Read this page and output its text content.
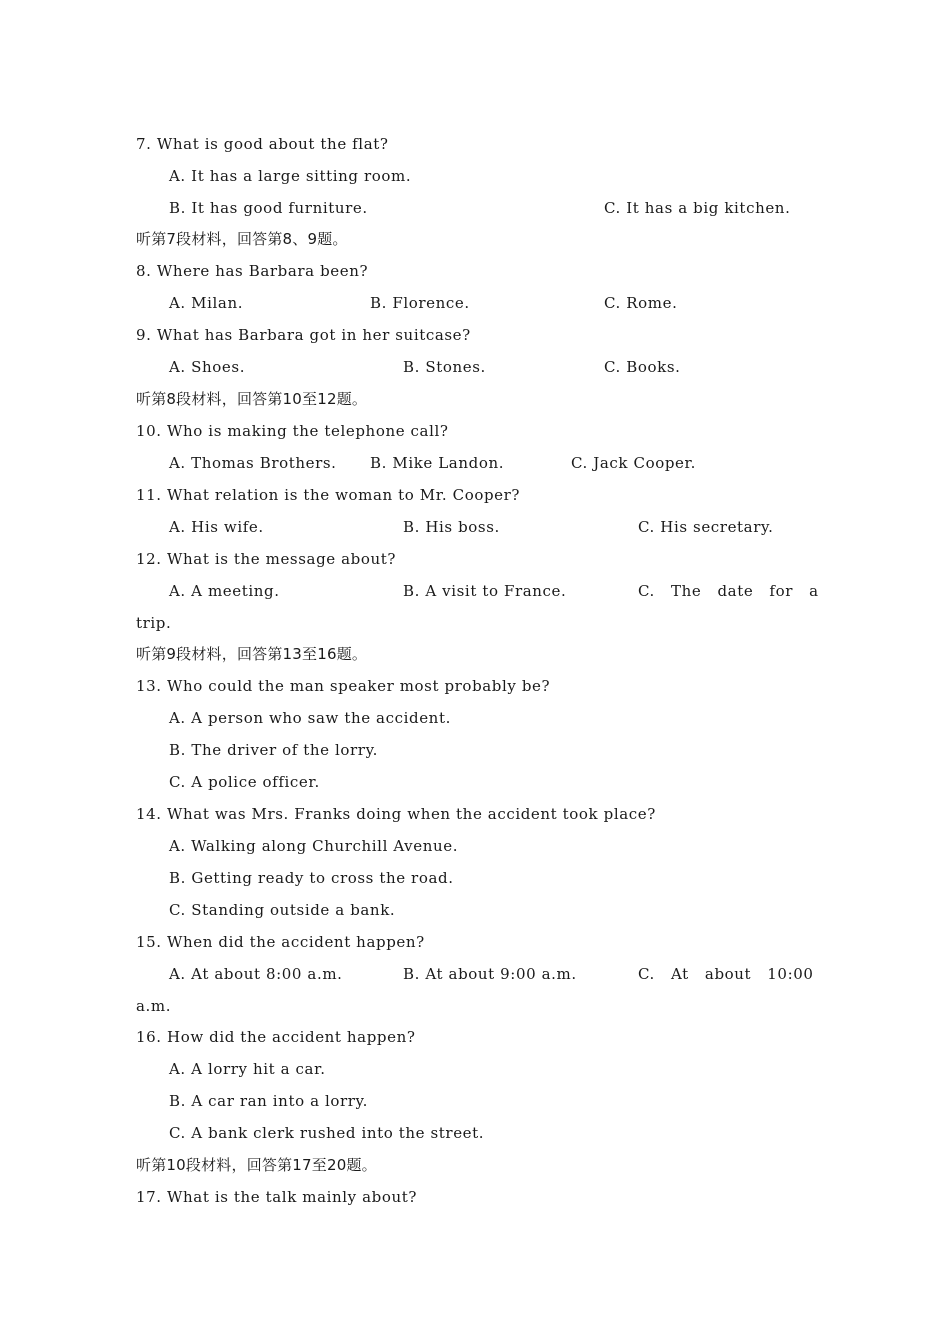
7. What is good about the flat?
A. It has a large sitting room.
B. It has good furniture.	C. It has a big kitchen.
听第7段材料，回答第8、9题。
8. Where has Barbara been?
A. Milan.	B. Florence.	C. Rome.
9. What has Barbara got in her suitcase?
A. Shoes.	B. Stones.	C. Books.
听第8段材料，回答第10至12题。
10. Who is making the telephone call?
A. Thomas Brothers. B. Mike Landon.	C. Jack Cooper.
11. What relation is the woman to Mr. Cooper?
A. His wife.	B. His boss.	C. His secretary.
12. What is the message about?
A. A meeting.	B. A visit to France.	C.   The   date   for   a
trip.
听第9段材料，回答第13至16题。
13. Who could the man speaker most probably be?
A. A person who saw the accident.
B. The driver of the lorry.
C. A police officer.
14. What was Mrs. Franks doing when the accident took place?
A. Walking along Churchill Avenue.
B. Getting ready to cross the road.
C. Standing outside a bank.
15. When did the accident happen?
A. At about 8:00 a.m.	B. At about 9:00 a.m.	C.   At   about   10:00
a.m.
16. How did the accident happen?
A. A lorry hit a car.
B. A car ran into a lorry.
C. A bank clerk rushed into the street.
听第10段材料，回答第17至20题。
17. What is the talk mainly about?
